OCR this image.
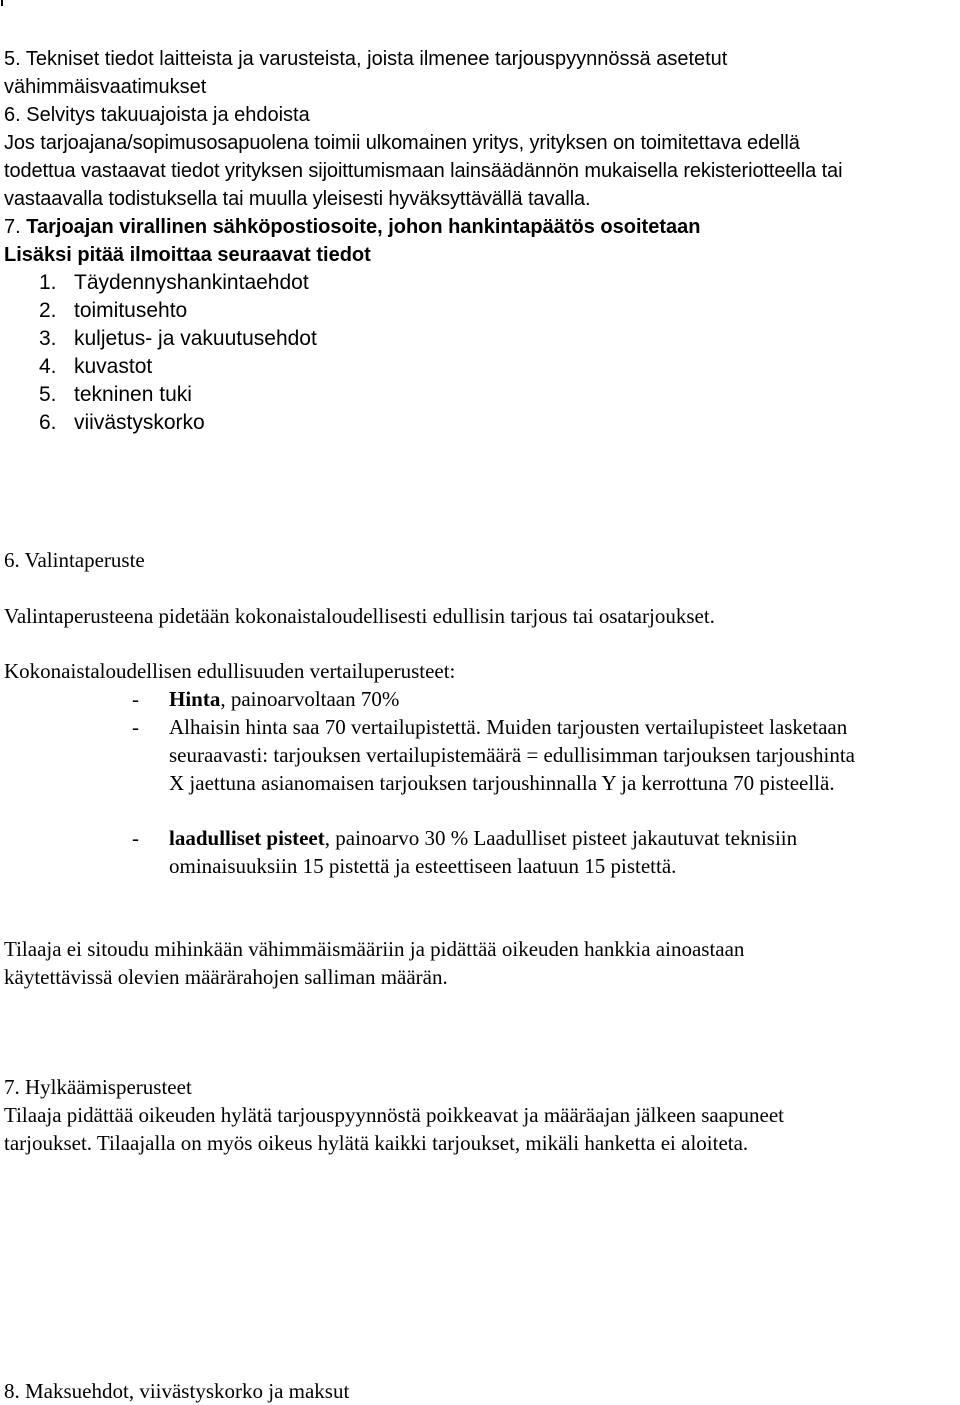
5. Tekniset tiedot laitteista ja varusteista, joista ilmenee tarjouspyynnössä asetetut
vähimmäisvaatimukset
6. Selvitys takuuajoista ja ehdoista
Jos tarjoajana/sopimusosapuolena toimii ulkomainen yritys, yrityksen on toimitettava edellä
todettua vastaavat tiedot yrityksen sijoittumismaan lainsäädännön mukaisella rekisteriotteella tai
vastaavalla todistuksella tai muulla yleisesti hyväksyttävällä tavalla.
7. Tarjoajan virallinen sähköpostiosoite, johon hankintapäätös osoitetaan
Lisäksi pitää ilmoittaa seuraavat tiedot
1. Täydennyshankintaehdot
2. toimitusehto
3. kuljetus- ja vakuutusehdot
4. kuvastot
5. tekninen tuki
6. viivästyskorko
6. Valintaperuste
Valintaperusteena pidetään kokonaistaloudellisesti edullisin tarjous tai osatarjoukset.
Kokonaistaloudellisen edullisuuden vertailuperusteet:
- Hinta, painoarvoltaan 70%
- Alhaisin hinta saa 70 vertailupistettä. Muiden tarjousten vertailupisteet lasketaan
seuraavasti: tarjouksen vertailupistemäärä = edullisimman tarjouksen tarjoushinta
X jaettuna asianomaisen tarjouksen tarjoushinnalla Y ja kerrottuna 70 pisteellä.
- laadulliset pisteet, painoarvo 30 % Laadulliset pisteet jakautuvat teknisiin
ominaisuuksiin 15 pistettä ja esteettiseen laatuun 15 pistettä.
Tilaaja ei sitoudu mihinkään vähimmäismääriin ja pidättää oikeuden hankkia ainoastaan
käytettävissä olevien määrärahojen salliman määrän.
7. Hylkäämisperusteet
Tilaaja pidättää oikeuden hylätä tarjouspyynnöstä poikkeavat ja määräajan jälkeen saapuneet
tarjoukset. Tilaajalla on myös oikeus hylätä kaikki tarjoukset, mikäli hanketta ei aloiteta.
8. Maksuehdot, viivästyskorko ja maksut
